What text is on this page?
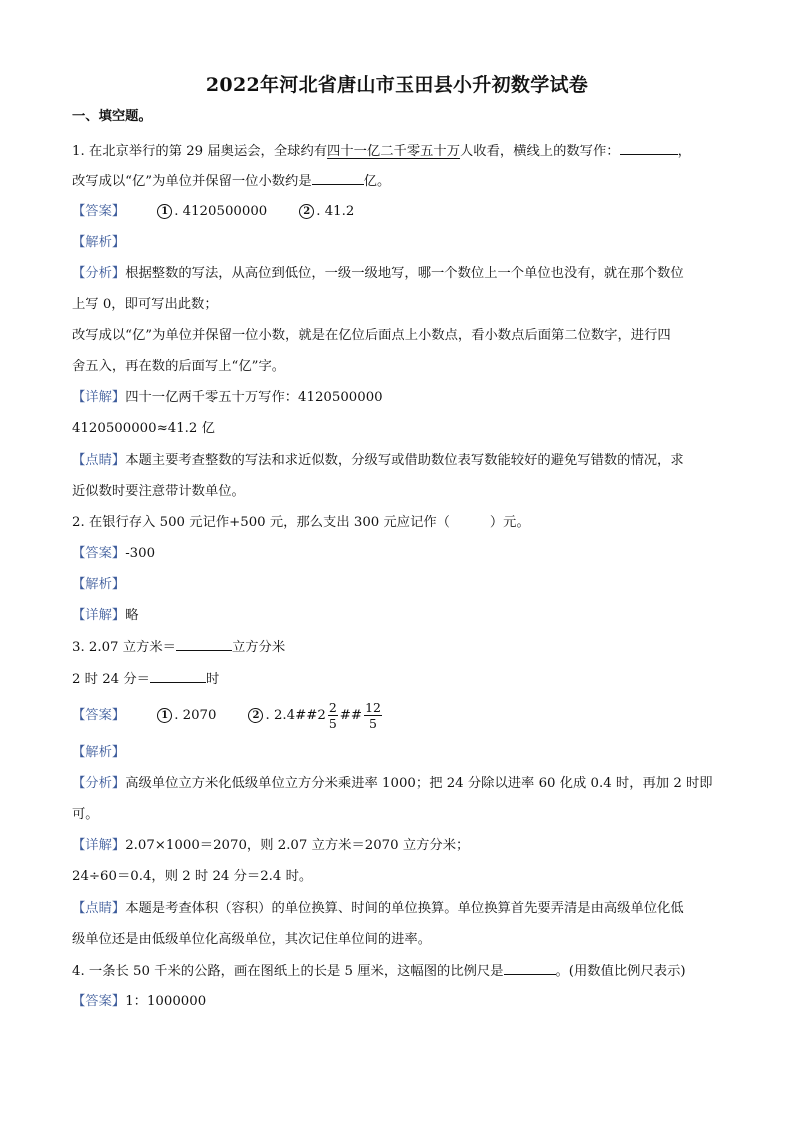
2022年河北省唐山市玉田县小升初数学试卷
一、填空题。
1. 在北京举行的第 29 届奥运会，全球约有四十一亿二千零五十万人收看，横线上的数写作：	，
改写成以“亿”为单位并保留一位小数约是	亿。
【答案】	1 . 4120500000	2 . 41.2
【解析】
【分析】根据整数的写法，从高位到低位，一级一级地写，哪一个数位上一个单位也没有，就在那个数位
上写 0，即可写出此数；
改写成以“亿”为单位并保留一位小数，就是在亿位后面点上小数点，看小数点后面第二位数字，进行四
舍五入，再在数的后面写上“亿”字。
【详解】四十一亿两千零五十万写作：4120500000
4120500000≈41.2 亿
【点睛】本题主要考查整数的写法和求近似数，分级写或借助数位表写数能较好的避免写错数的情况，求
近似数时要注意带计数单位。
2. 在银行存入 500 元记作+500 元，那么支出 300 元应记作（　　　）元。
【答案】-300
【解析】
【详解】略
3. 2.07 立方米＝	立方分米
2 时 24 分＝	时
【答案】	1 . 2070	2 . 2.4##2 $\frac{2}{5}$ ## $\frac{12}{5}$
【解析】
【分析】高级单位立方米化低级单位立方分米乘进率 1000；把 24 分除以进率 60 化成 0.4 时，再加 2 时即
可。
【详解】2.07×1000＝2070，则 2.07 立方米＝2070 立方分米；
24÷60＝0.4，则 2 时 24 分＝2.4 时。
【点睛】本题是考查体积（容积）的单位换算、时间的单位换算。单位换算首先要弄清是由高级单位化低
级单位还是由低级单位化高级单位，其次记住单位间的进率。
4. 一条长 50 千米的公路，画在图纸上的长是 5 厘米，这幅图的比例尺是	。(用数值比例尺表示)
【答案】1：1000000
